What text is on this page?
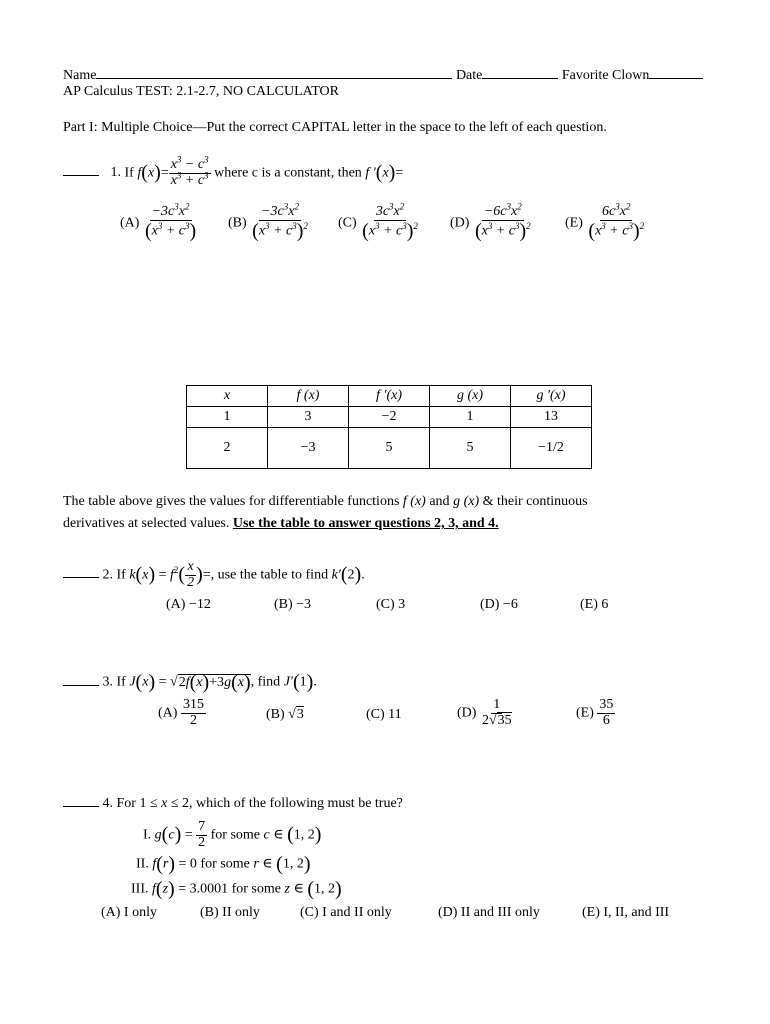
Name	Date	Favorite Clown
AP Calculus TEST: 2.1-2.7, NO CALCULATOR
Part I: Multiple Choice—Put the correct CAPITAL letter in the space to the left of each question.
1. If $f(x)= \frac{x^3 - c^3}{x^3 + c^3}$ where c is a constant, then f ′(x)=
$(A) \frac{-3c^3x^2}{(x^3 + c^3)} (B) \frac{-3c^3x^2}{(x^3 + c^3)^2} (C) \frac{3c^3x^2}{(x^3 + c^3)^2} (D) \frac{-6c^3x^2}{(x^3 + c^3)^2} (E) \frac{6c^3x^2}{(x^3 + c^3)^2}$
x	f (x)	f ′(x)	g (x)	g ′(x)
1	3	−2	1	13
2	−3	5	5	−1/2
The table above gives the values for differentiable functions f (x) and g (x) & their continuous
derivatives at selected values. Use the table to answer questions 2, 3, and 4.
2. If $k(x) = f^2( \frac{x}{2}$ )=, use the table to find k′(2).
(A) −12	(B) −3	(C) 3	(D) −6	(E) 6
3. If J(x) = √2f(x)+3g(x), find J′(1).
$(A) \frac{315}{2}$	(B) √3	(C) 11	$(D) \frac{1}{2√35}$	$(E) \frac{35}{6}$
4. For 1 ≤ x ≤ 2, which of the following must be true?
I. $g(c) = \frac{7}{2}$ for some c ∈ (1, 2)
II. f(r) = 0 for some r ∈ (1, 2)
III. f(z) = 3.0001 for some z ∈ (1, 2)
(A) I only	(B) II only	(C) I and II only	(D) II and III only	(E) I, II, and III
